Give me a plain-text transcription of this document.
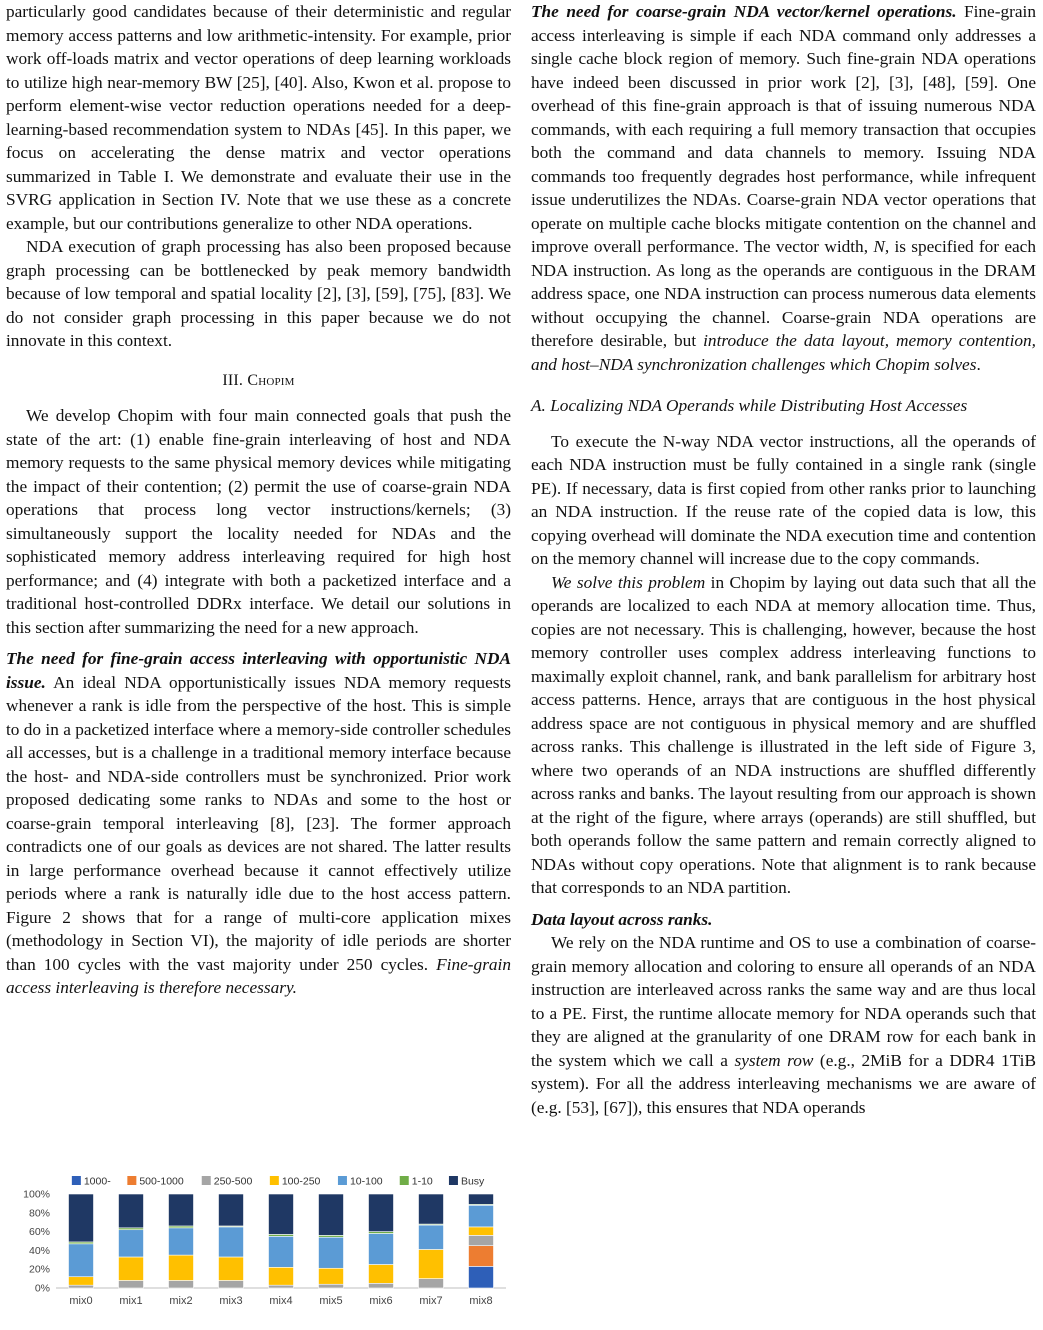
particularly good candidates because of their deterministic and regular memory access patterns and low arithmetic-intensity. For example, prior work off-loads matrix and vector operations of deep learning workloads to utilize high near-memory BW [25], [40]. Also, Kwon et al. propose to perform element-wise vector reduction operations needed for a deep-learning-based recommendation system to NDAs [45]. In this paper, we focus on accelerating the dense matrix and vector operations summarized in Table I. We demonstrate and evaluate their use in the SVRG application in Section IV. Note that we use these as a concrete example, but our contributions generalize to other NDA operations.

NDA execution of graph processing has also been proposed because graph processing can be bottlenecked by peak memory bandwidth because of low temporal and spatial locality [2], [3], [59], [75], [83]. We do not consider graph processing in this paper because we do not innovate in this context.

III. Chopim

We develop Chopim with four main connected goals that push the state of the art: (1) enable fine-grain interleaving of host and NDA memory requests to the same physical memory devices while mitigating the impact of their contention; (2) permit the use of coarse-grain NDA operations that process long vector instructions/kernels; (3) simultaneously support the locality needed for NDAs and the sophisticated memory address interleaving required for high host performance; and (4) integrate with both a packetized interface and a traditional host-controlled DDRx interface. We detail our solutions in this section after summarizing the need for a new approach.

The need for fine-grain access interleaving with opportunistic NDA issue. An ideal NDA opportunistically issues NDA memory requests whenever a rank is idle from the perspective of the host. This is simple to do in a packetized interface where a memory-side controller schedules all accesses, but is a challenge in a traditional memory interface because the host- and NDA-side controllers must be synchronized. Prior work proposed dedicating some ranks to NDAs and some to the host or coarse-grain temporal interleaving [8], [23]. The former approach contradicts one of our goals as devices are not shared. The latter results in large performance overhead because it cannot effectively utilize periods where a rank is naturally idle due to the host access pattern. Figure 2 shows that for a range of multi-core application mixes (methodology in Section VI), the majority of idle periods are shorter than 100 cycles with the vast majority under 250 cycles. Fine-grain access interleaving is therefore necessary.

The need for coarse-grain NDA vector/kernel operations. Fine-grain access interleaving is simple if each NDA command only addresses a single cache block region of memory. Such fine-grain NDA operations have indeed been discussed in prior work [2], [3], [48], [59]. One overhead of this fine-grain approach is that of issuing numerous NDA commands, with each requiring a full memory transaction that occupies both the command and data channels to memory. Issuing NDA commands too frequently degrades host performance, while infrequent issue underutilizes the NDAs. Coarse-grain NDA vector operations that operate on multiple cache blocks mitigate contention on the channel and improve overall performance. The vector width, N, is specified for each NDA instruction. As long as the operands are contiguous in the DRAM address space, one NDA instruction can process numerous data elements without occupying the channel. Coarse-grain NDA operations are therefore desirable, but introduce the data layout, memory contention, and host–NDA synchronization challenges which Chopim solves.

A. Localizing NDA Operands while Distributing Host Accesses

To execute the N-way NDA vector instructions, all the operands of each NDA instruction must be fully contained in a single rank (single PE). If necessary, data is first copied from other ranks prior to launching an NDA instruction. If the reuse rate of the copied data is low, this copying overhead will dominate the NDA execution time and contention on the memory channel will increase due to the copy commands.

We solve this problem in Chopim by laying out data such that all the operands are localized to each NDA at memory allocation time. Thus, copies are not necessary. This is challenging, however, because the host memory controller uses complex address interleaving functions to maximally exploit channel, rank, and bank parallelism for arbitrary host access patterns. Hence, arrays that are contiguous in the host physical address space are not contiguous in physical memory and are shuffled across ranks. This challenge is illustrated in the left side of Figure 3, where two operands of an NDA instructions are shuffled differently across ranks and banks. The layout resulting from our approach is shown at the right of the figure, where arrays (operands) are still shuffled, but both operands follow the same pattern and remain correctly aligned to NDAs without copy operations. Note that alignment is to rank because that corresponds to an NDA partition.

Data layout across ranks.

We rely on the NDA runtime and OS to use a combination of coarse-grain memory allocation and coloring to ensure all operands of an NDA instruction are interleaved across ranks the same way and are thus local to a PE. First, the runtime allocate memory for NDA operands such that they are aligned at the granularity of one DRAM row for each bank in the system which we call a system row (e.g., 2MiB for a DDR4 1TiB system). For all the address interleaving mechanisms we are aware of (e.g. [53], [67]), this ensures that NDA operands

0%
20%
40%
60%
80%
100%
mix0 mix1 mix2 mix3 mix4 mix5 mix6 mix7 mix8
1000-	500-1000	250-500	100-250	10-100	1-10	Busy
